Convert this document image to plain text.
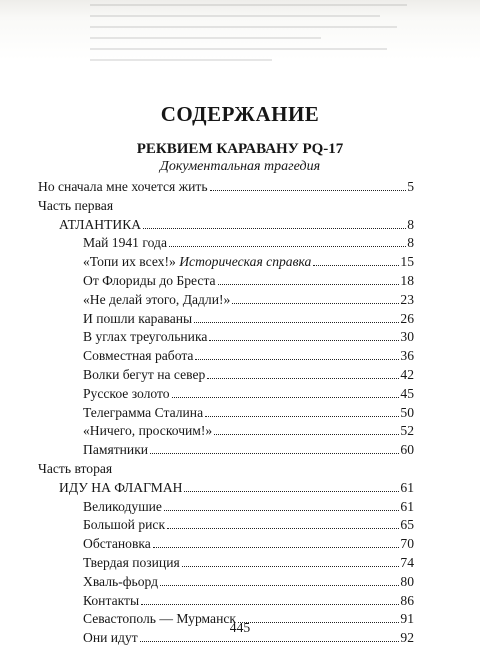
СОДЕРЖАНИЕ
РЕКВИЕМ КАРАВАНУ PQ-17
Документальная трагедия
Но сначала мне хочется жить	5
Часть первая
АТЛАНТИКА	8
Май 1941 года	8
«Топи их всех!» Историческая справка	15
От Флориды до Бреста	18
«Не делай этого, Дадли!»	23
И пошли караваны	26
В углах треугольника	30
Совместная работа	36
Волки бегут на север	42
Русское золото	45
Телеграмма Сталина	50
«Ничего, проскочим!»	52
Памятники	60
Часть вторая
ИДУ НА ФЛАГМАН	61
Великодушие	61
Большой риск	65
Обстановка	70
Твердая позиция	74
Хваль-фьорд	80
Контакты	86
Севастополь — Мурманск	91
Они идут	92
445
